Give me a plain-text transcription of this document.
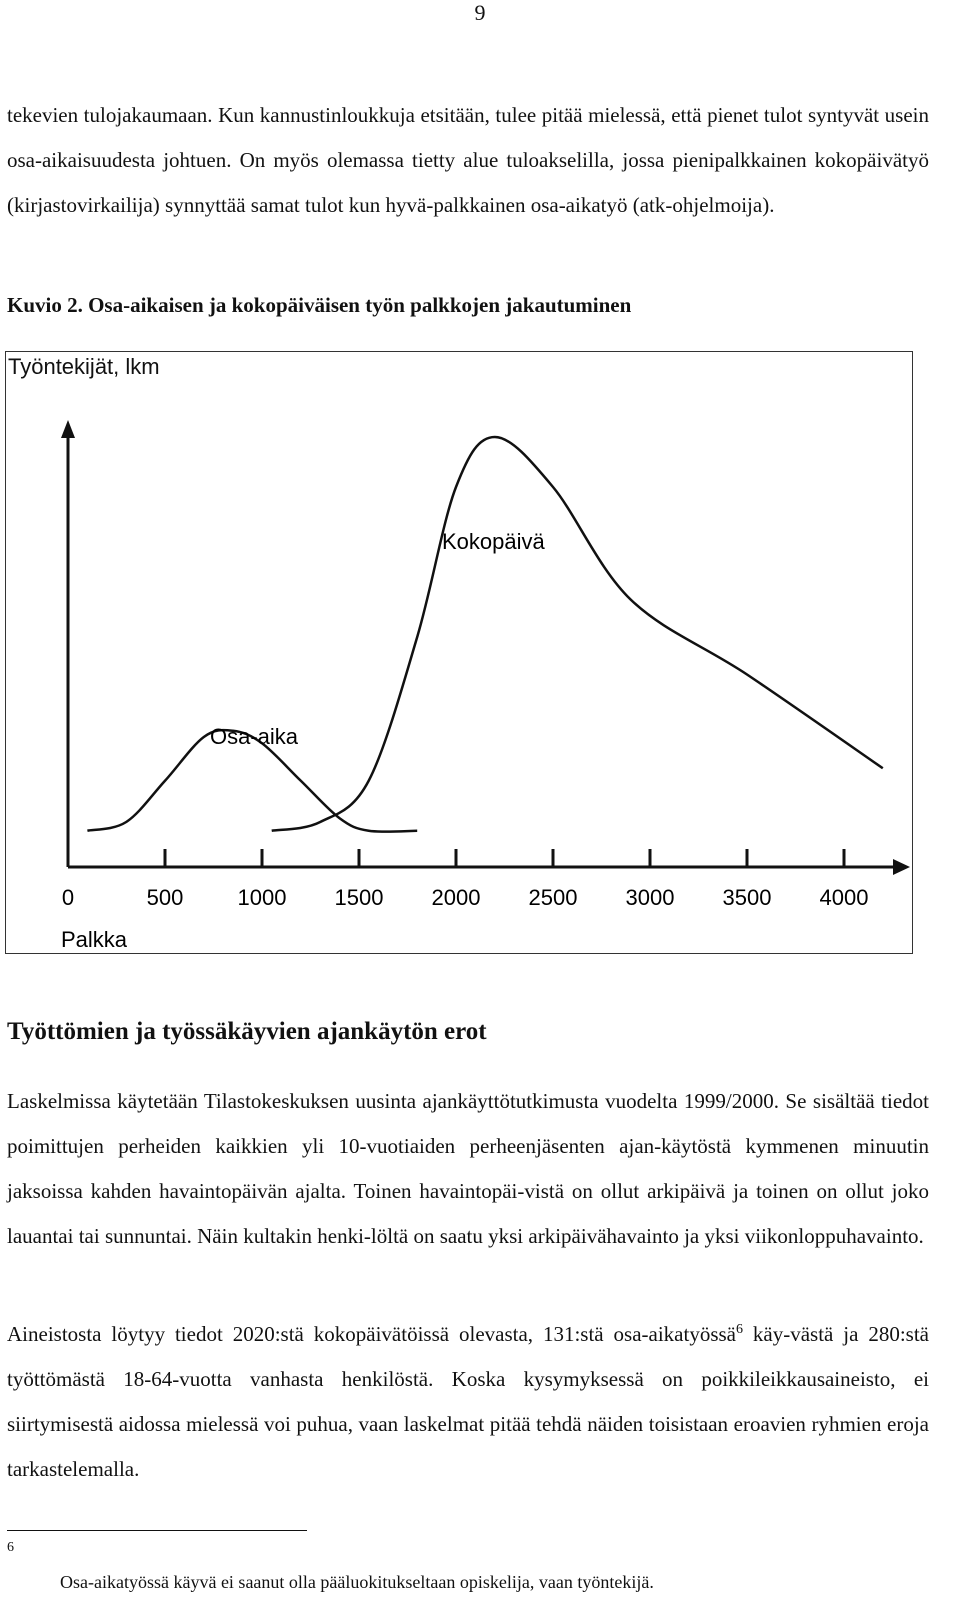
9

tekevien tulojakaumaan. Kun kannustinloukkuja etsitään, tulee pitää mielessä, että pienet tulot syntyvät usein osa-aikaisuudesta johtuen. On myös olemassa tietty alue tuloakselilla, jossa pienipalkkainen kokopäivätyö (kirjastovirkailija) synnyttää samat tulot kun hyvä-palkkainen osa-aikatyö (atk-ohjelmoija).

Kuvio 2. Osa-aikaisen ja kokopäiväisen työn palkkojen jakautuminen
0	500 1000 1500 2000 2500 3000 3500 4000
Osa-aika
Kokopäivä
Palkka
Työntekijät, lkm
Työttömien ja työssäkäyvien ajankäytön erot

Laskelmissa käytetään Tilastokeskuksen uusinta ajankäyttötutkimusta vuodelta 1999/2000. Se sisältää tiedot poimittujen perheiden kaikkien yli 10-vuotiaiden perheenjäsenten ajan-käytöstä kymmenen minuutin jaksoissa kahden havaintopäivän ajalta. Toinen havaintopäi-vistä on ollut arkipäivä ja toinen on ollut joko lauantai tai sunnuntai. Näin kultakin henki-löltä on saatu yksi arkipäivähavainto ja yksi viikonloppuhavainto.

Aineistosta löytyy tiedot 2020:stä kokopäivätöissä olevasta, 131:stä osa-aikatyössä$^6$ käy-västä ja 280:stä työttömästä 18-64-vuotta vanhasta henkilöstä. Koska kysymyksessä on poikkileikkausaineisto, ei siirtymisestä aidossa mielessä voi puhua, vaan laskelmat pitää tehdä näiden toisistaan eroavien ryhmien eroja tarkastelemalla.

6
Osa-aikatyössä käyvä ei saanut olla pääluokitukseltaan opiskelija, vaan työntekijä.
